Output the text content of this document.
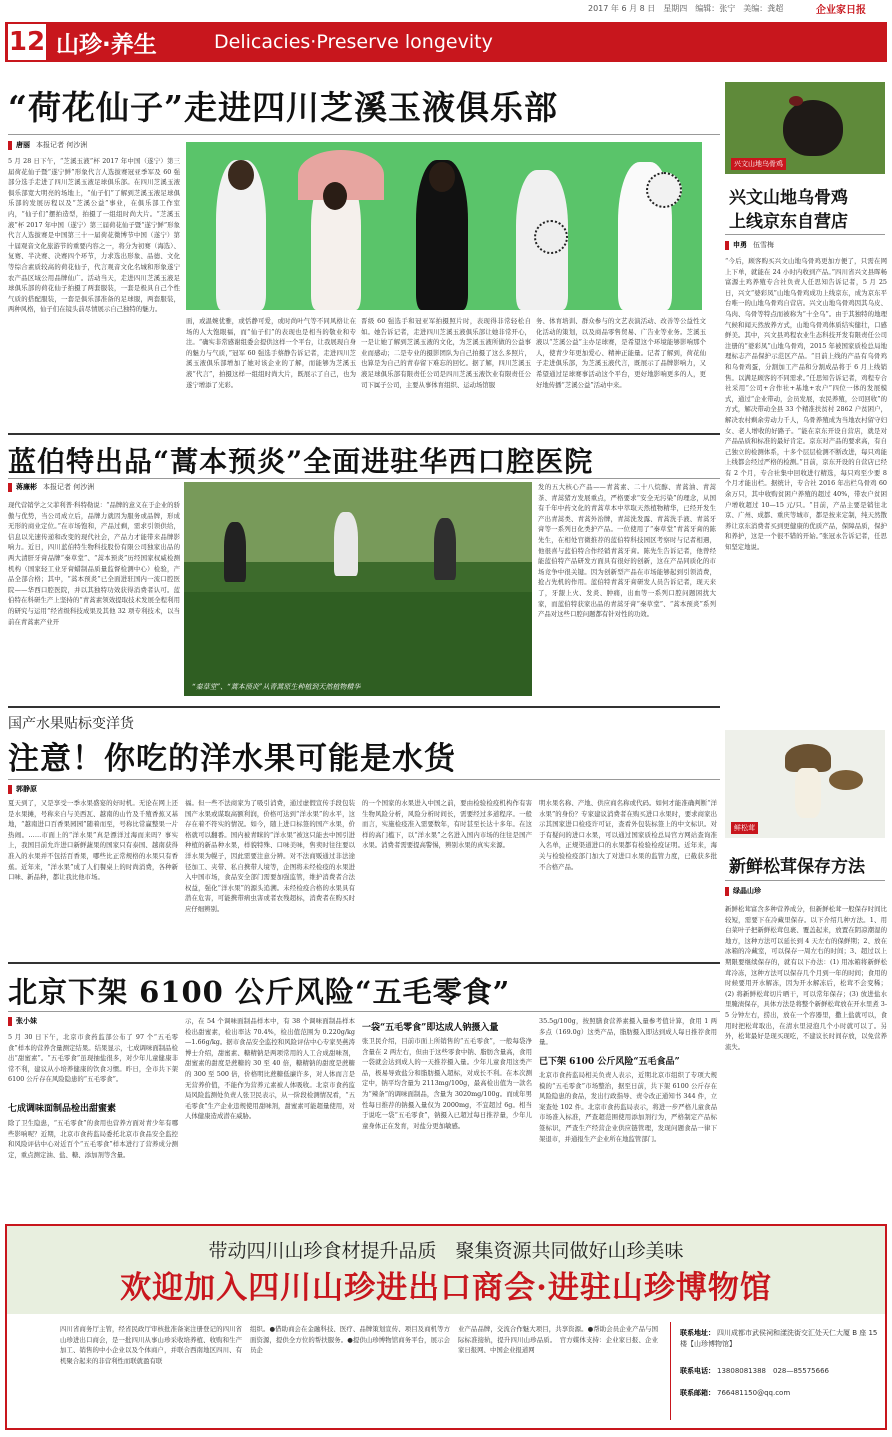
2017 年 6 月 8 日　星期四　编辑：张宁　美编：龚超	企业家日报
12 山珍·养生	Delicacies·Preserve longevity
“荷花仙子”走进四川芝溪玉液俱乐部
唐丽 本报记者 何沙洲
5 月 28 日下午，“芝溪玉液”杯 2017 年中国（遂宁）第三届荷花仙子暨“遂宁鲜”形象代言人选拔赛冠亚季军及 60 强部分选手走进了四川芝溪玉液足球俱乐部。在四川芝溪玉液俱乐部宽大明亮的场地上，“仙子们”了解到芝溪玉液足球俱乐部的发展历程以及“芝溪公益”事业，在俱乐部工作室内，“仙子们”摆拍造型，拍摄了一组组时尚大片。“芝溪玉液”杯 2017 年中国（遂宁）第三届荷花仙子暨“遂宁鲜”形象代言人选拔赛是中国第三十一届荷花微博节中国（遂宁）第十届观音文化旅游节的重要内容之一，将分为初赛（海选）、复赛、半决赛、决赛四个环节，力求选出形象、品德、文化等综合素质较高的荷花仙子，代言观音文化名城和形象遂宁农产品区域公用品牌仙广。活动当天，走进四川芝溪玉液足球俱乐部的荷花仙子拍摄了两套服装，一套是极具自己个性气质的搭配服装，一套是俱乐部准备的足球服，两套服装，两种风格，仙子们在镜头前尽情展示自己独特的魅力。
面，或温婉优雅，或恬静可爱，或时尚叶气等不同风格让在场的人大饱眼福，而“仙子们”的表现也是相当的敬业和专注。“确实非常感谢组委会提供这样一个平台，让我展现自身的魅力与气质，”冠军 60 强选手蔡静告诉记者，走进四川芝溪玉液俱乐部增加了她对该企业的了解，而能够为芝溪玉液“代言”，拍摄这样一组组时尚大片，既展示了自己，也为遂宁增添了光彩。
晋级 60 强选手和冠亚军拍摄照片时，表现得非常轻松自如。她告诉记者，走进四川芝溪玉液俱乐部让她非常开心，一是让她了解到芝溪玉液的文化，为芝溪玉液所做的公益事业而感动；二是专业的摄影团队为自己拍摄了这么多照片，也算是为自己的青春留下难忘的回忆。据了解，四川芝溪玉液足球俱乐部有限责任公司是四川芝溪玉液饮业有限责任公司下属子公司，主要从事体育组织、运动场馆服
务、体育培训、群众参与的文艺表演活动、改善等公益性文化活动的策划，以及商品零售贸易、广告业等业务。芝溪玉液以“芝溪公益”主办足球赛，是希望这个环境能够影响那个人，使青少年更加爱心、精神正能量。记者了解到，荷花仙子走进俱乐部，为芝溪玉液代言，既展示了品牌影响力，又希望通过足球赛事活动这个平台，更好地影响更多的人，更好地传播“芝溪公益”活动中来。
兴文山地乌骨鸡
兴文山地乌骨鸡
上线京东自营店
申勇 伍雪梅
“今后，顾客购买兴文山地乌骨鸡更加方便了，只需在网上下单，就能在 24 小时内收到产品。”四川省兴文县晖畅富源土鸡养殖专合社负责人任思知告诉记者，5 月 25 日，兴文“婆彩凤”山地乌骨鸡成功上线京东，成为京东平台唯一的山地乌骨鸡自营店。兴文山地乌骨鸡因其乌皮、乌肉、乌骨等特点而被称为“十全乌”。由于其独特的地理气候和闻天然放养方式，山地乌骨鸡体质结实健壮，口感鲜美。其中，兴文县鸡程农业生态科技开发有限责任公司注册的“婆彩凤”山地乌骨鸡，2015 年被国家质检总局地理标志产品保护示范区产品。“目前上线的产品有乌骨鸡和乌骨鸡蛋，分割加工产品和分割成品将于 6 月上线销售。以满足顾客的不同需求。”任思知告诉记者，鸡程专合社采用“公司+合作社+基地+农户”四位一体的发展模式，通过“企业带动，会员发展，农民养殖，公司回收”的方式，解决带动全县 33 个精准扶贫村 2862 户贫困户，解决农村剩余劳动力千人，乌骨养殖成为当地农村留守妇女、老人增收的好路子。“能在京东开设自营店，就是对产品品质和标准的最好肯定。京东对产品的要求高，有自己独立的检测体系，十多个层层检测不断改进，每只鸡能上线都会经过严格的检测。”目前，京东开设的自营店已经有 2 个月，专合社集中回收进行精选，每只鸡至少要 8 个月才能出栏。据统计，专合社 2016 年出栏乌骨鸡 60 余万只，其中收购贫困户养殖的超过 40%，带农户贫困户增收超过 10—15 元/只。“目前，产品主要是销往北京、广州、成都、重庆等城市，都是按来定制，纯天然散养让京东消费者买到更健康的优质产品，保障品质，保护和养护，这是一个很不错的开始。”张冠永告诉记者，任思知坚定地说。
蓝伯特出品“蒿本预炎”全面进驻华西口腔医院
蒋廉彬 本报记者 何沙洲
现代营销学之父菲利普·科特勒说：“品牌的意义在于企业的骄傲与优势，当公司成立后，品牌力就因为服务或品牌，形成无形的商业定位。”在市场饱和，产品过剩，需求引领供给，信息以光速传递和改变的现代社会，产品力才能带来品牌影响力。近日，四川蓝伯特生物科技股份有限公司独家出品的两大清肝牙膏品牌“秦草堂”、“蒿本预炎”历经国家权威检测机构（国家轻工业牙膏蜡制品质量监督检测中心）检验，产品全部合格；其中，“蒿本预炎”已全面进驻国内一流口腔医院——华西口腔医院，并以其独特功效获得消费者认可。蓝伯特在科研生产上坚持的“青蒿素领效提取技术发展全程利用的研究与运用”经省级科技成果及其他 32 项专利技术，以当前在青蒿素产业开
“秦草堂”、“蒿本预炎”从青蒿原生种植到天然植物精华
发的五大核心产品——青蒿素、二十八烷醇、青蒿油、青蒿茶、青蒿猪方发展重点，严格要求“安全无污染”的理念，从国有千年中药文化的青蒿草本中萃取天然植物精华，已经开发生产出青蒿类、青蒿外治牌，青蒿洗发露、青蒿洗手液、青蒿牙膏等一系列日化类护产品。一位使用了“秦草堂”青蒿牙膏的陈先生，在相处官微推荐的蓝伯特科技园区考察时与记者相遇，他很喜与蓝伯特合作经销青蒿牙膏。陈先生告诉记者，他曾经能蓝伯特产品研发方面具有很好的创新，这在产品同质化的市场竞争中很关键。因为创新型产品在市场能够起到引领消费，抢占先机的作用。蓝伯特青蒿牙膏研发人员告诉记者，现天来了，牙龈上火、发炎、肿痛，出血等一系列口腔问题困扰大家，而蓝伯特获家出品的青蒿牙膏“秦草堂”、“蒿本预炎”系列产品对这些口腔问题都有针对性的功效。
国产水果贴标变洋货
注意！你吃的洋水果可能是水货
郭静原
夏天到了，又是享受一季水果盛宴的好时机。无论在网上还是水果摊，号称来自与美西瓦、越南的山竹及千殖香蕉又基地，“越南进口百香果园园”随着而至，号称比常赢整果一片热闹。……市面上的“洋水果”真是漂洋过海而来吗？事实上，我国目前允许进口新鲜蔬果的国家只有泰国、越南获得准入的水果并不包括百香果，哪些比正常规格的水果只有香蕉。近年来，“洋水果”成了人们餐桌上的时尚消费，各种新口味、新品种，都让我比他市场。
福。但一些不法商家为了吸引消费，通过虚假宣传手段包装国产水果或谋取高额利润，价格可达到“洋水果”的水平，这存在着不符实的情况。如今，随上进口标签的国产水果，价格就可以翻番。国内被青睐的“洋水果”被这只能去中国引进种植的新品种水果，样貌特殊、口味美味，售卖时往往要以洋水果为幌子，因此需要注意分辨。对不法商贩通过非法途径加工、夹带、私自携带人境等，企图将未经检疫的水果进入中国市场，食品安全部门需要加强监管，维护消费者合法权益，强化“洋水果”的源头追溯。未经检疫合格的水果具有潜在危害，可能携带病虫害或者农残超标，消费者在购买时应仔细辨别。
的一个国家的水果进入中国之前，要由检验检疫机构作有害生物风险分析，风险分析时间长，需要经过多道程序。一般而言，实施检疫准入需要数年，有时甚至长达十多年。在这样的高门槛下，以“洋水果”之名进入国内市场的往往是国产水果。消费者需要提高警惕，辨别水果的真实来源。
明水果名称、产地、供应商名称或代码。如何才能准确判断“洋水果”的身份？专家建议消费者在购买进口水果时，要求商家出示其国家进口检疫许可证，查看外包装标签上的中文标识。对于有疑问的进口水果，可以通过国家质检总局官方网站查询准入名单，正规渠道进口的水果都有检验检疫证明。近年来，海关与检验检疫部门加大了对进口水果的监管力度，已截获多批不合格产品。
鲜松茸
新鲜松茸保存方法
绿晶山珍
新鲜松茸富含多种营养成分，但新鲜松茸一般保存时间比较短，需要下在冷藏里保存。以下介绍几种方法。1、用白菜叶子把新鲜松茸包裹、覆盖起来，放置在阴凉潮湿的地方，这种方法可以延长到 4 天左右的保鲜期；2、放在冰箱的冷藏室，可以保存一周左右的时间；3、超过以上期限要继续保存的，就有以下办法：(1) 用冰箱将新鲜松茸冷冻，这种方法可以保存几个月到一年的时间；食用的时候要用开水解冻，因为开水解冻后，松茸不会变稀；(2) 将新鲜松茸切片晒干，可以常年保存；(3) 放进盐水里腌渍保存，具体方法是将整个新鲜松茸放在开水里煮 3-5 分钟左右，捞出，放在一个容器里，撒上盐就可以，食用时把松茸取出，在清水里浸泡几个小时就可以了。另外，松茸最好是现买现吃，不建议长时间存放，以免营养流失。
北京下架 6100 公斤风险“五毛零食”
张小妹
5 月 30 日下午，北京市食药监部公布了 97 个“五毛零食”样本的营养含量测定结果。结果显示，七成调味面制品检出“甜蜜素”。“五毛零食”虽现抽盐很多，对少年儿童健康非常不利，建议从小培养健康的饮食习惯。昨日，全市共下架 6100 公斤存在风险隐患的“五毛零食”。
七成调味面制品检出甜蜜素
除了卫生隐患，“五毛零食”的食用也营养方面对青少年有哪些影响呢？近期，北京市食药监局委托北京市食品安全监控和风险评估中心对近百个“五毛零食”样本进行了营养成分测定，重点测定油、盐、糖、添加剂等含量。
示，在 54 个调味面制品样本中，有 38 个调味面制品样本检出甜蜜素，检出率达 70.4%，检出值范围为 0.220g/kg—1.66g/kg。据市食品安全监控和风险评估中心专家吴燕涛博士介绍，甜蜜素、糖精钠是两项常用的人工合成甜味剂，甜蜜素的甜度是蔗糖的 30 至 40 倍，糖精钠的甜度是蔗糖的 300 至 500 倍，价格明比蔗糖低廉许多，对人体而言是无营养价值，不能作为营养元素被人体吸收。北京市食药监局风险监测处负责人张卫民表示，从一阶段检测情况看，“五毛零食”生产企业违规使用甜味剂，甜蜜素可能超量使用，对人体健康造成潜在威胁。
一袋“五毛零食”即达成人钠摄入量
张卫民介绍，目前市面上所销售的“五毛零食”，一般每袋净含量在 2 两左右，但由于这些零食中钠、脂肪含量高，食用一袋就会达到成人的一天推荐摄入量。少年儿童食用这类产品，极易导致盐分和脂肪摄入超标，对成长不利。在本次测定中，钠平均含量为 2113mg/100g，最高检出值为一款名为“辣条”的调味面制品，含量为 3020mg/100g。而成年男性每日推荐的钠摄入量仅为 2000mg，不宜超过 6g。相当于说吃一袋“五毛零食”，钠摄入已超过每日推荐量，少年儿童身体正在发育，对盐分更加敏感。
35.5g/100g，按照膳食营养素摄入量参考值计算，食用 1 两多点（169.0g）这类产品，脂肪摄入即达到成人每日推荐食用量。
已下架 6100 公斤风险“五毛食品”
北京市食药监局相关负责人表示，近期北京市组织了专项大规模的“五毛零食”市场整治，据至日前，共下架 6100 公斤存在风险隐患的食品，发出行政指导、责令改正通知书 344 件，立案查处 102 件。北京市食药监局表示，将进一步严格儿童食品市场准入标准，严查超范围使用添加剂行为，严格制定产品标签标识，严查生产经营企业供应链管理，发现问题食品一律下架退市，并通报生产企业所在地监管部门。
带动四川山珍食材提升品质　聚集资源共同做好山珍美味
欢迎加入四川山珍进出口商会·进驻山珍博物馆
四川省商务厅主管，经省民政厅审核批准备案注册登记的四川省山珍进出口商会，是一批四川从事山珍采收培养植、收购和生产加工、销售的中小企业以及个体商户，并联合西南地区四川、有机聚合起来的非营利性而联就盈有联
组织。●借助商会在金融科技、医疗、品牌策划宣传、项目及商机等方面资源，提供全方位的帮扶服务。●提供山珍博物馆商务平台，展示会员企
业产品品牌，交流合作魅大项目，共享资源。●帮助会员企业产品与国际标准接轨，提升四川山珍品质。　官方媒体支持：企业家日报、企业家日报网、中国企业报道网
联系地址： 四川成都市武侯祠和漾洗街交汇处天仁大厦 B 座 15 楼【山珍博物馆】
联系电话： 13808081388　028—85575666
联系邮箱： 766481150@qq.com
